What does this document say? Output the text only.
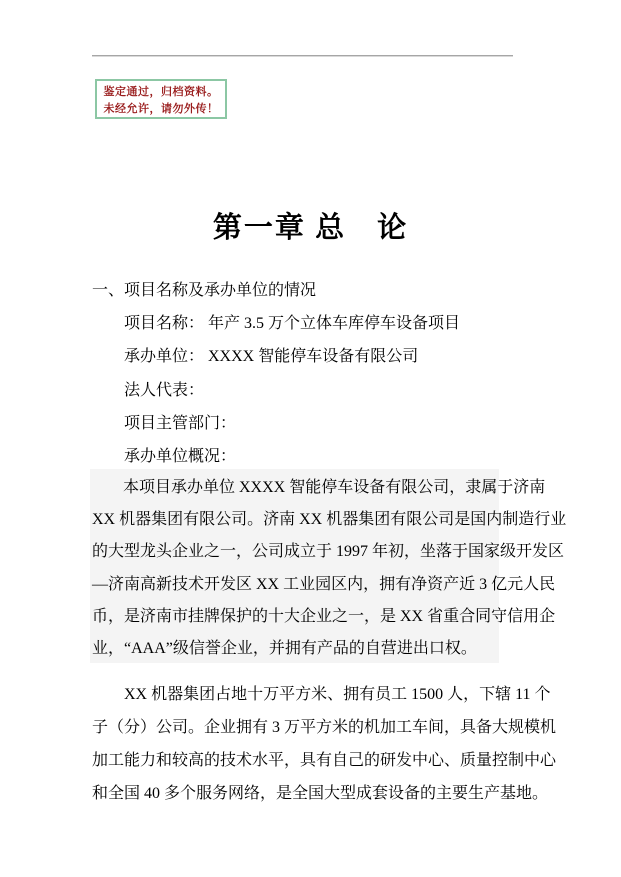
鉴定通过，归档资料。
未经允许，请勿外传！
第一章 总　论
一、项目名称及承办单位的情况
项目名称： 年产 3.5 万个立体车库停车设备项目
承办单位： XXXX 智能停车设备有限公司
法人代表：
项目主管部门：
承办单位概况：
本项目承办单位 XXXX 智能停车设备有限公司，隶属于济南
XX 机器集团有限公司。济南 XX 机器集团有限公司是国内制造行业
的大型龙头企业之一，公司成立于 1997 年初，坐落于国家级开发区
—济南高新技术开发区 XX 工业园区内，拥有净资产近 3 亿元人民
币，是济南市挂牌保护的十大企业之一，是 XX 省重合同守信用企
业，“AAA”级信誉企业，并拥有产品的自营进出口权。
XX 机器集团占地十万平方米、拥有员工 1500 人，下辖 11 个
子（分）公司。企业拥有 3 万平方米的机加工车间，具备大规模机
加工能力和较高的技术水平，具有自己的研发中心、质量控制中心
和全国 40 多个服务网络，是全国大型成套设备的主要生产基地。
